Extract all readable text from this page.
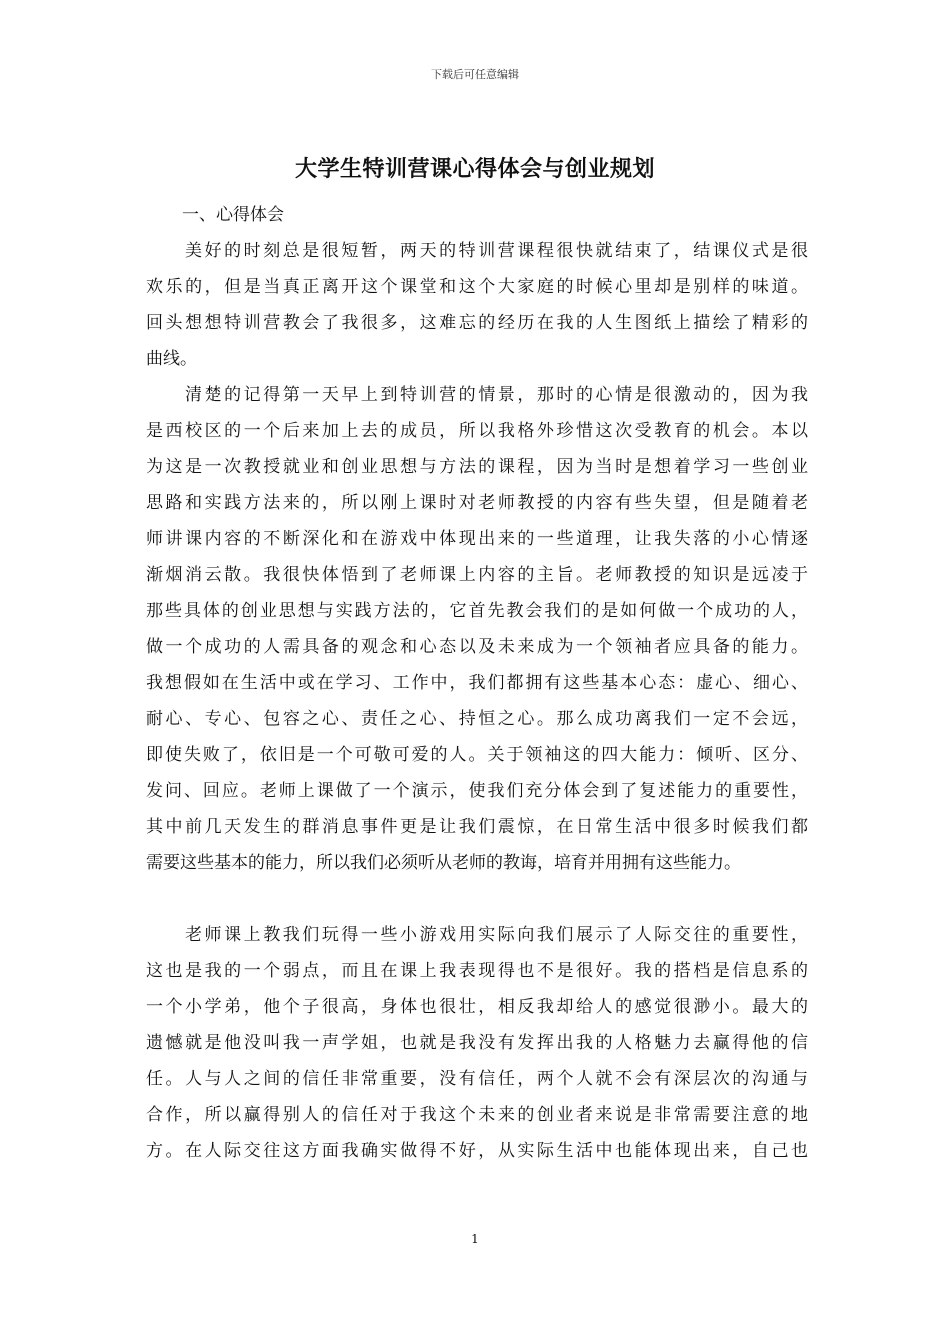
下载后可任意编辑
大学生特训营课心得体会与创业规划

一、心得体会

美好的时刻总是很短暂，两天的特训营课程很快就结束了，结课仪式是很
欢乐的，但是当真正离开这个课堂和这个大家庭的时候心里却是别样的味道。
回头想想特训营教会了我很多，这难忘的经历在我的人生图纸上描绘了精彩的
曲线。
清楚的记得第一天早上到特训营的情景，那时的心情是很激动的，因为我
是西校区的一个后来加上去的成员，所以我格外珍惜这次受教育的机会。本以
为这是一次教授就业和创业思想与方法的课程，因为当时是想着学习一些创业
思路和实践方法来的，所以刚上课时对老师教授的内容有些失望，但是随着老
师讲课内容的不断深化和在游戏中体现出来的一些道理，让我失落的小心情逐
渐烟消云散。我很快体悟到了老师课上内容的主旨。老师教授的知识是远凌于
那些具体的创业思想与实践方法的，它首先教会我们的是如何做一个成功的人，
做一个成功的人需具备的观念和心态以及未来成为一个领袖者应具备的能力。
我想假如在生活中或在学习、工作中，我们都拥有这些基本心态：虚心、细心、
耐心、专心、包容之心、责任之心、持恒之心。那么成功离我们一定不会远，
即使失败了，依旧是一个可敬可爱的人。关于领袖这的四大能力：倾听、区分、
发问、回应。老师上课做了一个演示，使我们充分体会到了复述能力的重要性，
其中前几天发生的群消息事件更是让我们震惊，在日常生活中很多时候我们都
需要这些基本的能力，所以我们必须听从老师的教诲，培育并用拥有这些能力。
老师课上教我们玩得一些小游戏用实际向我们展示了人际交往的重要性，
这也是我的一个弱点，而且在课上我表现得也不是很好。我的搭档是信息系的
一个小学弟，他个子很高，身体也很壮，相反我却给人的感觉很渺小。最大的
遗憾就是他没叫我一声学姐，也就是我没有发挥出我的人格魅力去赢得他的信
任。人与人之间的信任非常重要，没有信任，两个人就不会有深层次的沟通与
合作，所以赢得别人的信任对于我这个未来的创业者来说是非常需要注意的地
方。在人际交往这方面我确实做得不好，从实际生活中也能体现出来，自己也
1
